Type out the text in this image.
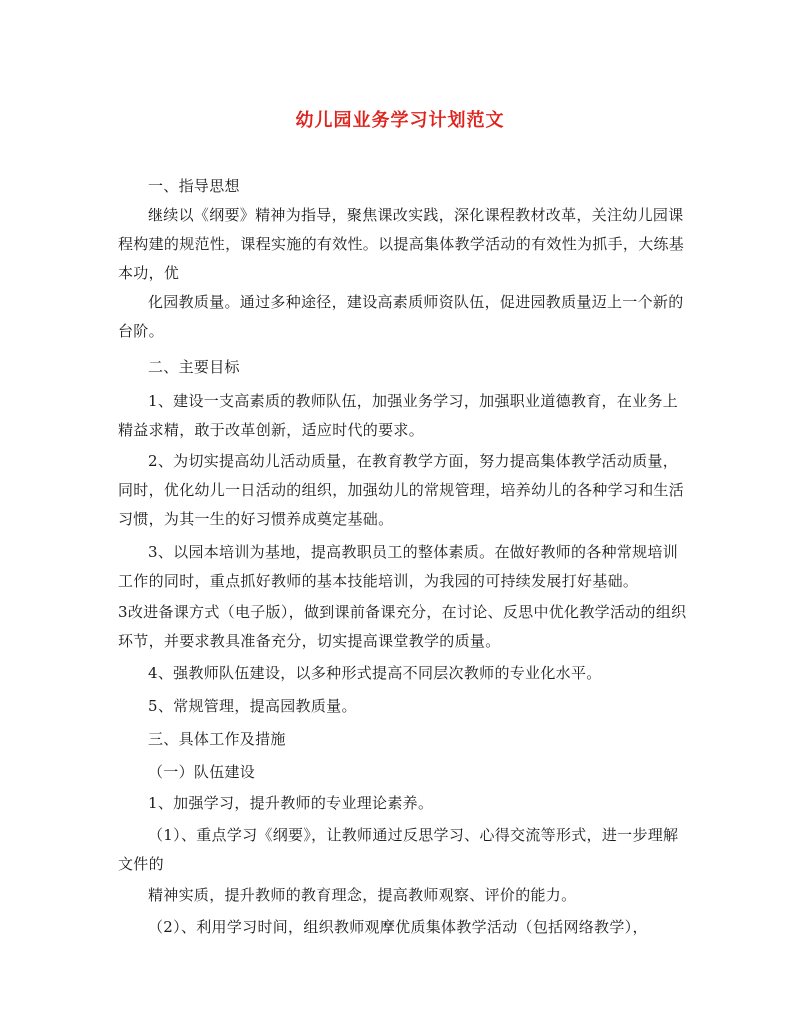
幼儿园业务学习计划范文

一、指导思想

继续以《纲要》精神为指导，聚焦课改实践，深化课程教材改革，关注幼儿园课程构建的规范性，课程实施的有效性。以提高集体教学活动的有效性为抓手，大练基本功，优

化园教质量。通过多种途径，建设高素质师资队伍，促进园教质量迈上一个新的台阶。

二、主要目标

1、建设一支高素质的教师队伍，加强业务学习，加强职业道德教育，在业务上精益求精，敢于改革创新，适应时代的要求。

2、为切实提高幼儿活动质量，在教育教学方面，努力提高集体教学活动质量，同时，优化幼儿一日活动的组织，加强幼儿的常规管理，培养幼儿的各种学习和生活习惯，为其一生的好习惯养成奠定基础。

3、以园本培训为基地，提高教职员工的整体素质。在做好教师的各种常规培训工作的同时，重点抓好教师的基本技能培训，为我园的可持续发展打好基础。

3改进备课方式（电子版），做到课前备课充分，在讨论、反思中优化教学活动的组织环节，并要求教具准备充分，切实提高课堂教学的质量。

4、强教师队伍建设，以多种形式提高不同层次教师的专业化水平。

5、常规管理，提高园教质量。

三、具体工作及措施

（一）队伍建设

1、加强学习，提升教师的专业理论素养。

（1）、重点学习《纲要》，让教师通过反思学习、心得交流等形式，进一步理解文件的

精神实质，提升教师的教育理念，提高教师观察、评价的能力。

（2）、利用学习时间，组织教师观摩优质集体教学活动（包括网络教学），
